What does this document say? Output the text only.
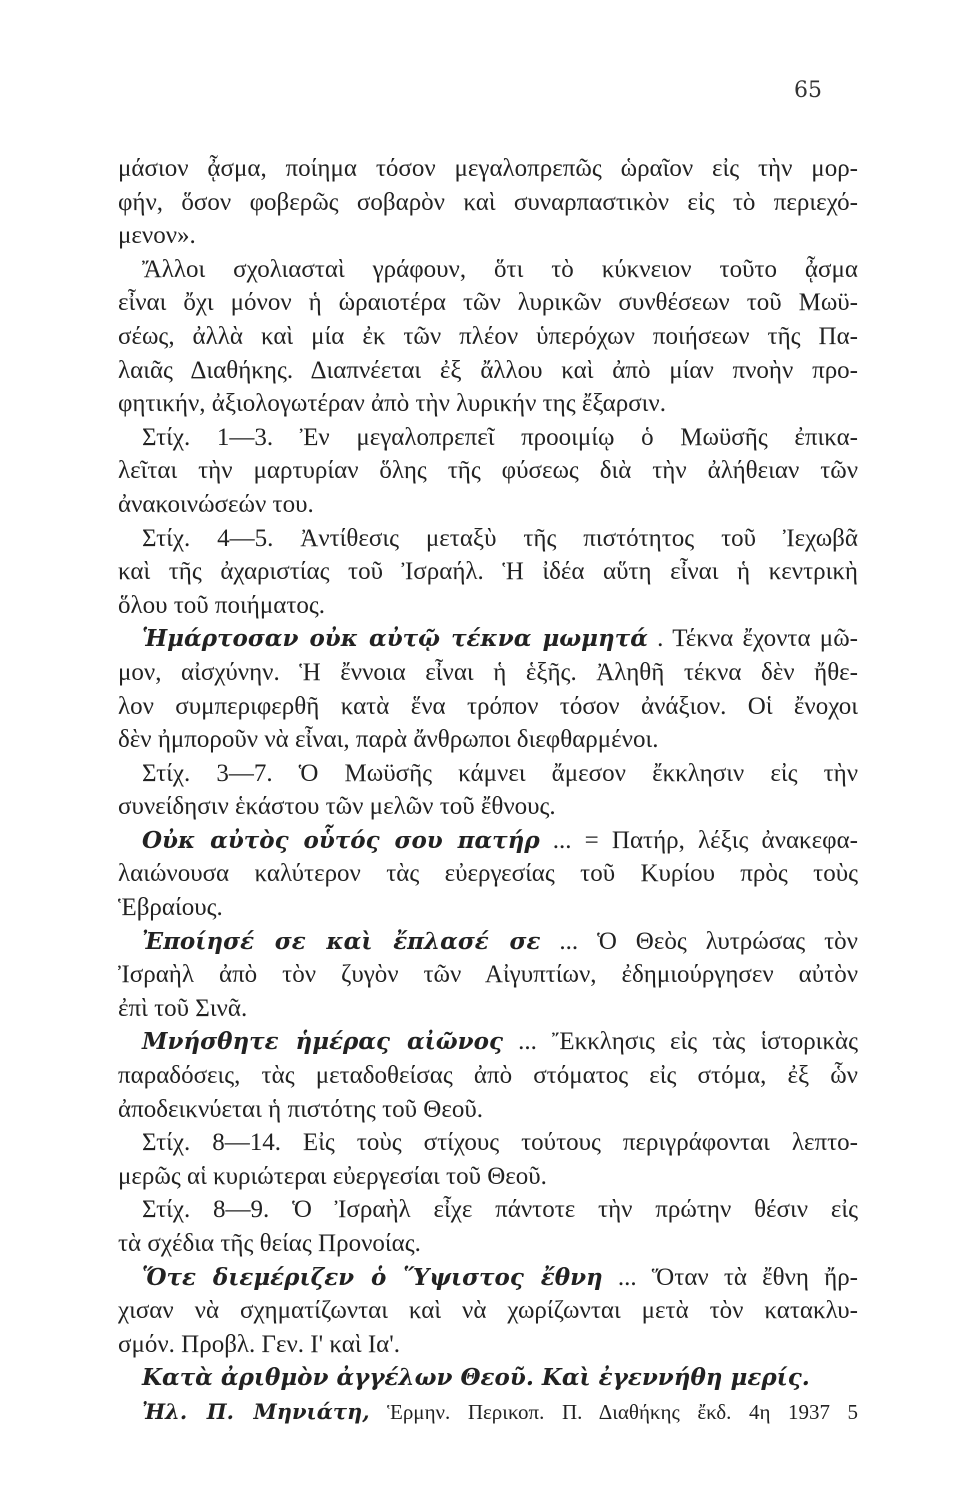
65
μάσιον ᾆσμα, ποίημα τόσον μεγαλοπρεπῶς ὡραῖον εἰς τὴν μορ-
φήν, ὅσον φοβερῶς σοβαρὸν καὶ συναρπαστικὸν εἰς τὸ περιεχό-
μενον».
Ἄλλοι σχολιασταὶ γράφουν, ὅτι τὸ κύκνειον τοῦτο ᾆσμα
εἶναι ὄχι μόνον ἡ ὡραιοτέρα τῶν λυρικῶν συνθέσεων τοῦ Μωϋ-
σέως, ἀλλὰ καὶ μία ἐκ τῶν πλέον ὑπερόχων ποιήσεων τῆς Πα-
λαιᾶς Διαθήκης. Διαπνέεται ἐξ ἄλλου καὶ ἀπὸ μίαν πνοὴν προ-
φητικήν, ἀξιολογωτέραν ἀπὸ τὴν λυρικήν της ἔξαρσιν.
Στίχ. 1—3. Ἐν μεγαλοπρεπεῖ προοιμίῳ ὁ Μωϋσῆς ἐπικα-
λεῖται τὴν μαρτυρίαν ὅλης τῆς φύσεως διὰ τὴν ἀλήθειαν τῶν
ἀνακοινώσεών του.
Στίχ. 4—5. Ἀντίθεσις μεταξὺ τῆς πιστότητος τοῦ Ἰεχωβᾶ
καὶ τῆς ἀχαριστίας τοῦ Ἰσραήλ. Ἡ ἰδέα αὕτη εἶναι ἡ κεντρικὴ
ὅλου τοῦ ποιήματος.
Ἡμάρτοσαν οὐκ αὐτῷ τέκνα μωμητά . Τέκνα ἔχοντα μῶ-
μον, αἰσχύνην. Ἡ ἔννοια εἶναι ἡ ἑξῆς. Ἀληθῆ τέκνα δὲν ἤθε-
λον συμπεριφερθῆ κατὰ ἕνα τρόπον τόσον ἀνάξιον. Οἱ ἔνοχοι
δὲν ἠμποροῦν νὰ εἶναι, παρὰ ἄνθρωποι διεφθαρμένοι.
Στίχ. 3—7. Ὁ Μωϋσῆς κάμνει ἄμεσον ἔκκλησιν εἰς τὴν
συνείδησιν ἑκάστου τῶν μελῶν τοῦ ἔθνους.
Οὐκ αὐτὸς οὗτός σου πατήρ ... = Πατήρ, λέξις ἀνακεφα-
λαιώνουσα καλύτερον τὰς εὐεργεσίας τοῦ Κυρίου πρὸς τοὺς
Ἑβραίους.
Ἐποίησέ σε καὶ ἔπλασέ σε ... Ὁ Θεὸς λυτρώσας τὸν
Ἰσραὴλ ἀπὸ τὸν ζυγὸν τῶν Αἰγυπτίων, ἐδημιούργησεν αὐτὸν
ἐπὶ τοῦ Σινᾶ.
Μνήσθητε ἡμέρας αἰῶνος ... Ἔκκλησις εἰς τὰς ἱστορικὰς
παραδόσεις, τὰς μεταδοθείσας ἀπὸ στόματος εἰς στόμα, ἐξ ὧν
ἀποδεικνύεται ἡ πιστότης τοῦ Θεοῦ.
Στίχ. 8—14. Εἰς τοὺς στίχους τούτους περιγράφονται λεπτο-
μερῶς αἱ κυριώτεραι εὐεργεσίαι τοῦ Θεοῦ.
Στίχ. 8—9. Ὁ Ἰσραὴλ εἶχε πάντοτε τὴν πρώτην θέσιν εἰς
τὰ σχέδια τῆς θείας Προνοίας.
Ὅτε διεμέριζεν ὁ Ὕψιστος ἔθνη ... Ὅταν τὰ ἔθνη ἤρ-
χισαν νὰ σχηματίζωνται καὶ νὰ χωρίζωνται μετὰ τὸν κατακλυ-
σμόν. Προβλ. Γεν. Ι' καὶ Ια'.
Κατὰ ἀριθμὸν ἀγγέλων Θεοῦ. Καὶ ἐγεννήθη μερίς.
Ἠλ. Π. Μηνιάτη, Ἑρμην. Περικοπ. Π. Διαθήκης ἔκδ. 4η 1937 5
